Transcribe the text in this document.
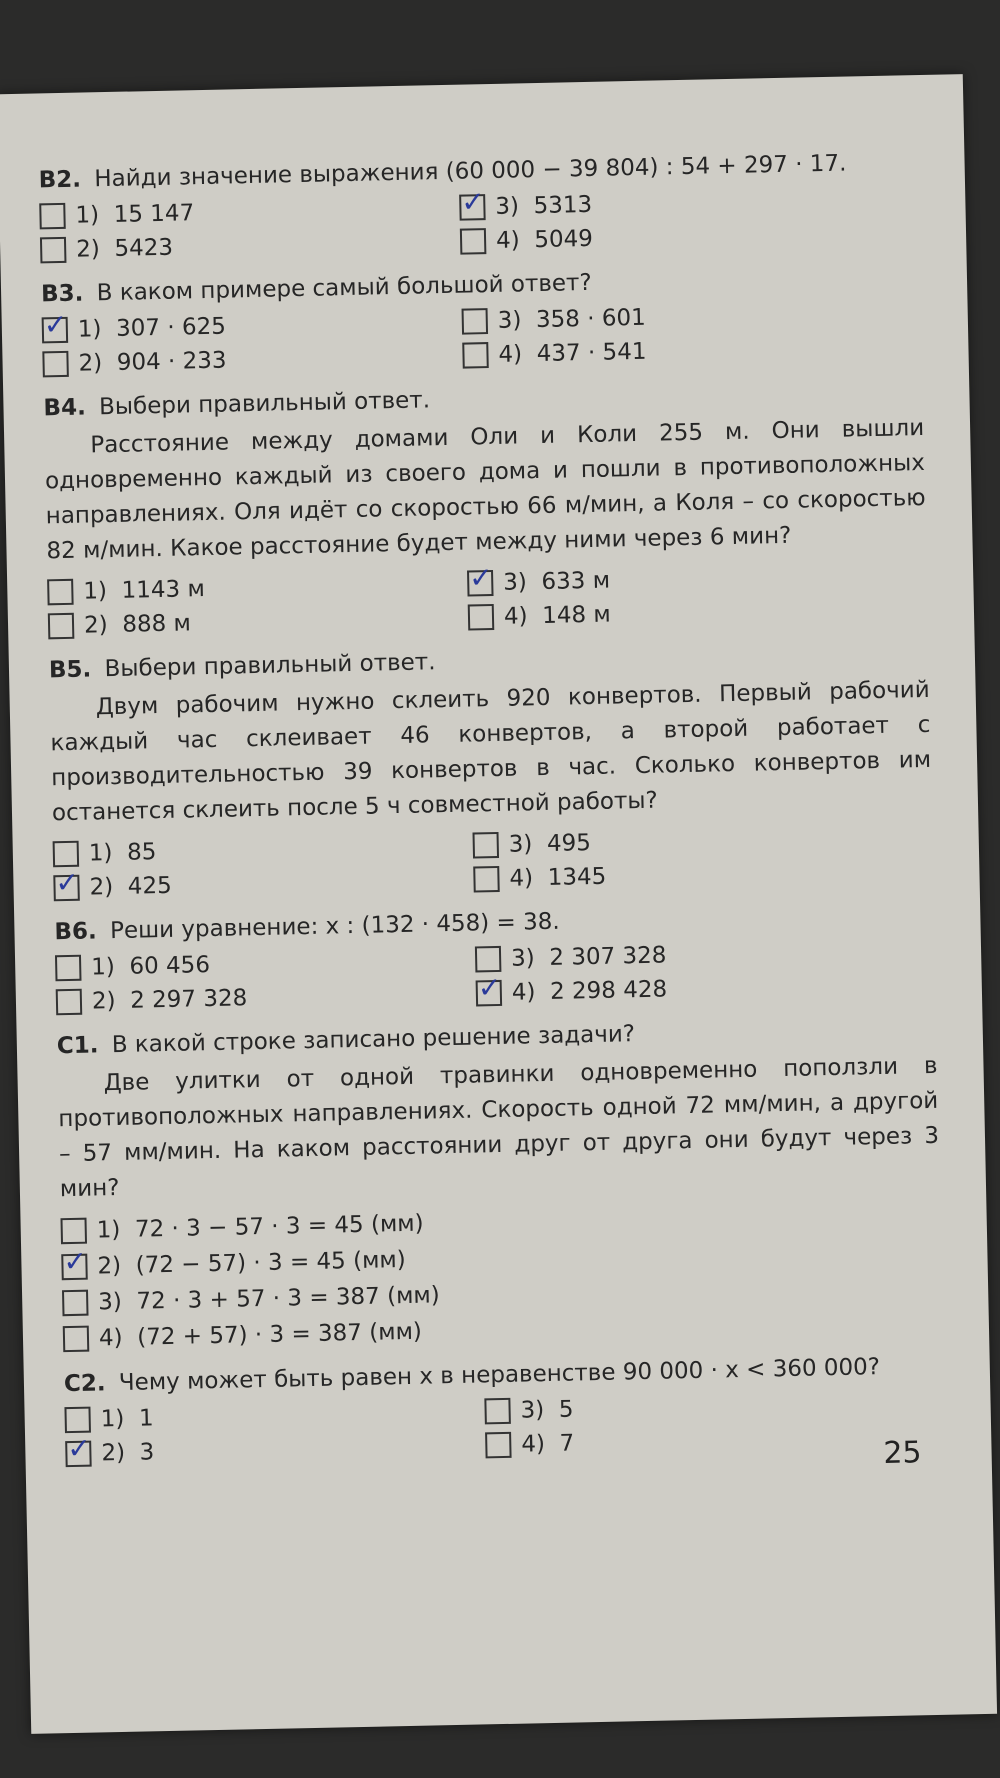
B2. Найди значение выражения (60 000 − 39 804) : 54 + 297 · 17.
1)  15 147
2)  5423
✓ 3)  5313
4)  5049
B3. В каком примере самый большой ответ?
✓ 1)  307 · 625
2)  904 · 233
3)  358 · 601
4)  437 · 541
B4. Выбери правильный ответ.
Расстояние между домами Оли и Коли 255 м. Они вышли одновременно каждый из своего дома и пошли в противоположных направлениях. Оля идёт со скоростью 66 м/мин, а Коля – со скоростью 82 м/мин. Какое расстояние будет между ними через 6 мин?
1)  1143 м
2)  888 м
✓ 3)  633 м
4)  148 м
B5. Выбери правильный ответ.
Двум рабочим нужно склеить 920 конвертов. Первый рабочий каждый час склеивает 46 конвертов, а второй работает с производительностью 39 конвертов в час. Сколько конвертов им останется склеить после 5 ч совместной работы?
1)  85
✓ 2)  425
3)  495
4)  1345
B6. Реши уравнение: x : (132 · 458) = 38.
1)  60 456
2)  2 297 328
3)  2 307 328
✓ 4)  2 298 428
C1. В какой строке записано решение задачи?
Две улитки от одной травинки одновременно поползли в противоположных направлениях. Скорость одной 72 мм/мин, а другой – 57 мм/мин. На каком расстоянии друг от друга они будут через 3 мин?
1)  72 · 3 − 57 · 3 = 45 (мм)
✓ 2)  (72 − 57) · 3 = 45 (мм)
3)  72 · 3 + 57 · 3 = 387 (мм)
4)  (72 + 57) · 3 = 387 (мм)
C2. Чему может быть равен x в неравенстве 90 000 · x < 360 000?
1)  1
✓ 2)  3
3)  5
4)  7	25
